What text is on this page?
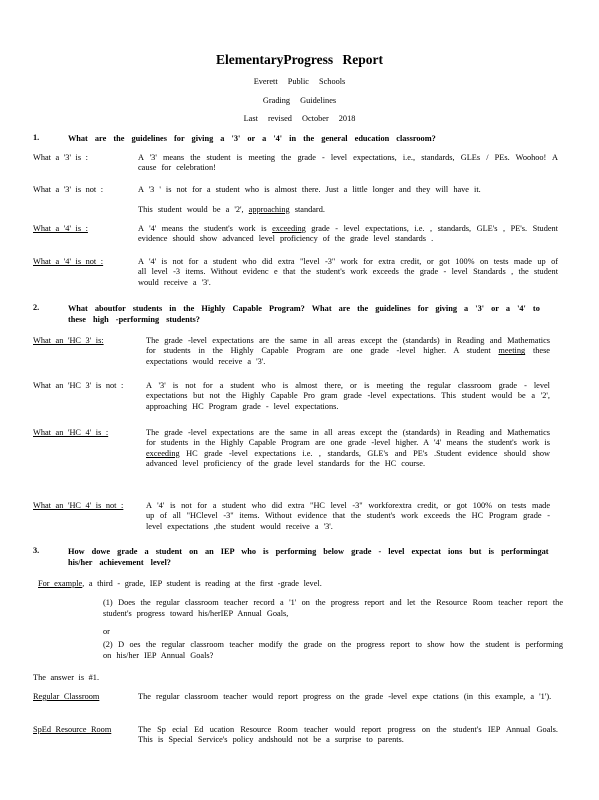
ElementaryProgress Report
Everett Public Schools
Grading Guidelines
Last revised October 2018
1.	What are the guidelines for giving a '3' or a '4' in the general education classroom?
What a '3' is :	A '3' means the student is meeting the grade - level expectations, i.e., standards, GLEs / PEs. Woohoo! A cause for celebration!
What a '3' is not :	A '3 ' is not for a student who is almost there. Just a little longer and they will have it.
This student would be a '2', approaching standard.
What a '4' is :	A '4' means the student's work is exceeding grade - level expectations, i.e. , standards, GLE's , PE's. Student evidence should show advanced level proficiency of the grade level standards .
What a '4' is not :	A '4' is not for a student who did extra "level -3" work for extra credit, or got 100% on tests made up of all level -3 items. Without evidenc e that the student's work exceeds the grade - level Standards , the student would receive a '3'.
2.	What aboutfor students in the Highly Capable Program? What are the guidelines for giving a '3' or a '4' to these high -performing students?
What an 'HC 3' is:	The grade -level expectations are the same in all areas except the (standards) in Reading and Mathematics for students in the Highly Capable Program are one grade -level higher. A student meeting these expectations would receive a '3'.
What an 'HC 3' is not :	A '3' is not for a student who is almost there, or is meeting the regular classroom grade - level expectations but not the Highly Capable Pro gram grade -level expectations. This student would be a '2', approaching HC Program grade - level expectations.
What an 'HC 4' is :	The grade -level expectations are the same in all areas except the (standards) in Reading and Mathematics for students in the Highly Capable Program are one grade -level higher. A '4' means the student's work is exceeding HC grade -level expectations i.e. , standards, GLE's and PE's .Student evidence should show advanced level proficiency of the grade level standards for the HC course.
What an 'HC 4' is not :	A '4' is not for a student who did extra "HC level -3" workforextra credit, or got 100% on tests made up of all "HClevel -3" items. Without evidence that the student's work exceeds the HC Program grade -level expectations ,the student would receive a '3'.
3.	How dowe grade a student on an IEP who is performing below grade - level expectat ions but is performingat his/her achievement level?
For example, a third - grade, IEP student is reading at the first -grade level.
(1) Does the regular classroom teacher record a '1' on the progress report and let the Resource Room teacher report the student's progress toward his/herIEP Annual Goals,
or
(2) D oes the regular classroom teacher modify the grade on the progress report to show how the student is performing on his/her IEP Annual Goals?
The answer is #1.
Regular Classroom	The regular classroom teacher would report progress on the grade -level expe ctations (in this example, a '1').
SpEd Resource Room	The Sp ecial Ed ucation Resource Room teacher would report progress on the student's IEP Annual Goals. This is Special Service's policy andshould not be a surprise to parents.
